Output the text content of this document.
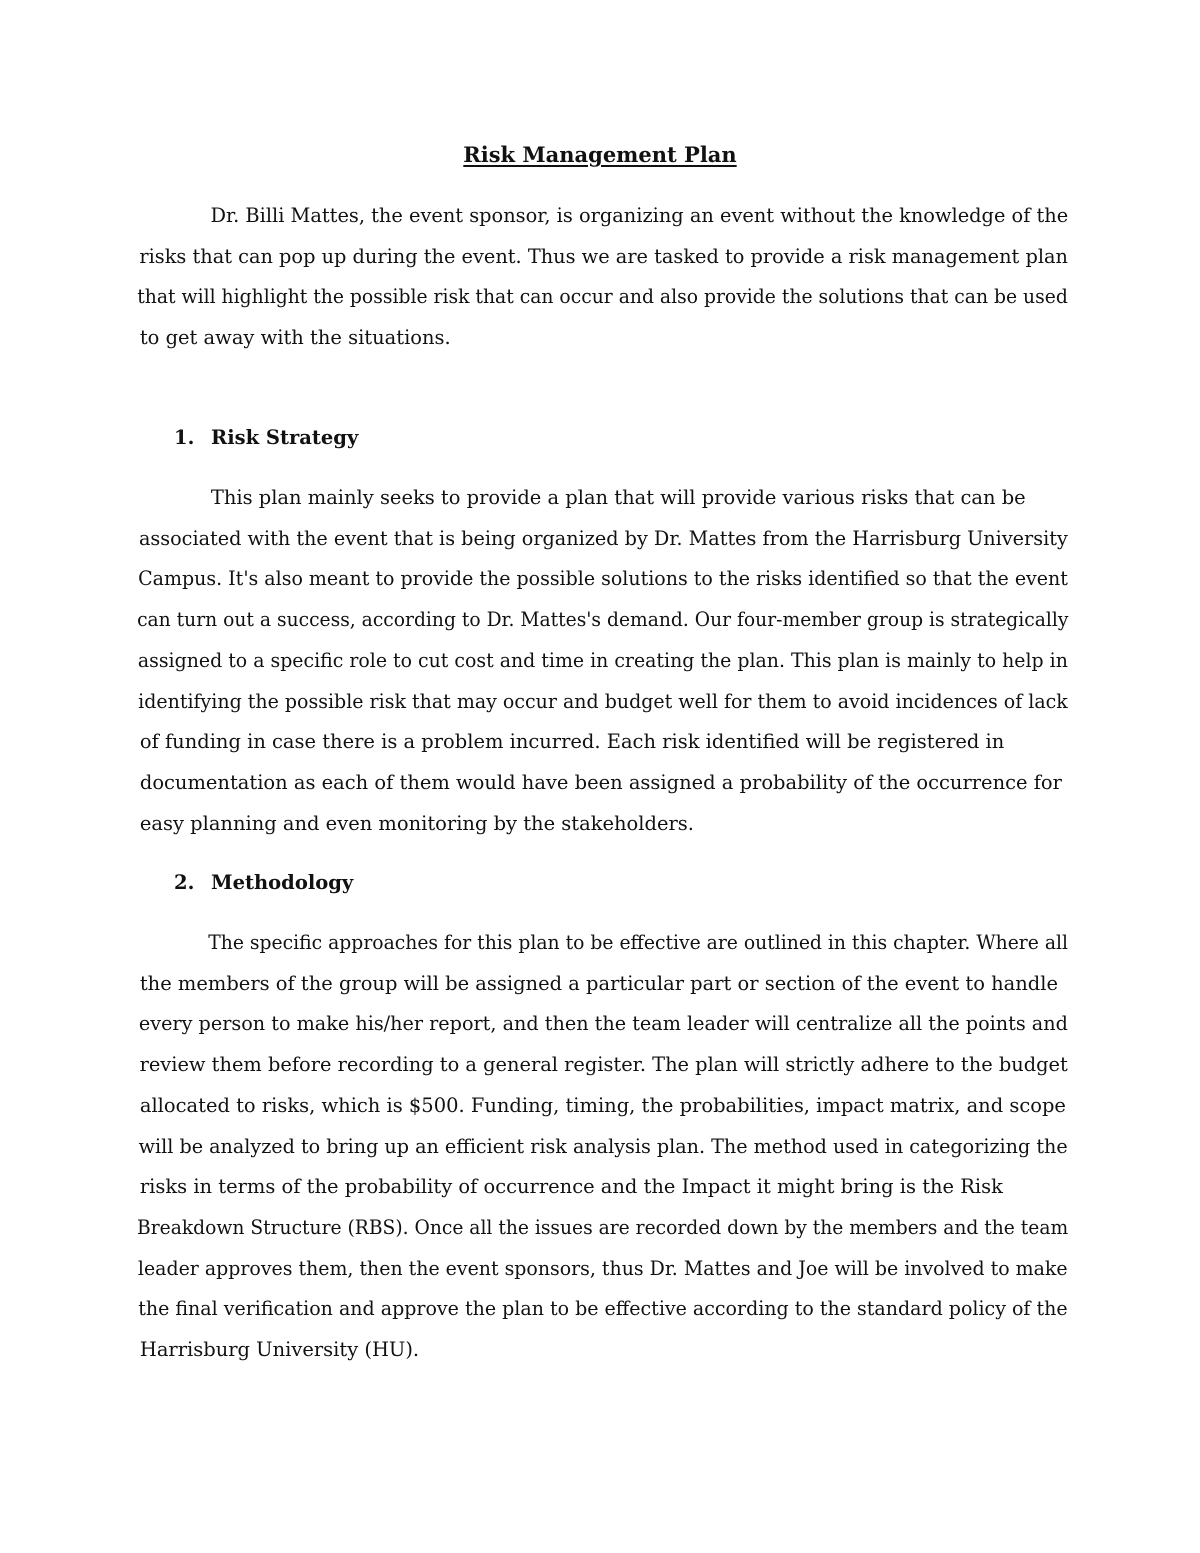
Risk Management Plan

Dr. Billi Mattes, the event sponsor, is organizing an event without the knowledge of the
risks that can pop up during the event. Thus we are tasked to provide a risk management plan
that will highlight the possible risk that can occur and also provide the solutions that can be used
to get away with the situations.

1. Risk Strategy

This plan mainly seeks to provide a plan that will provide various risks that can be
associated with the event that is being organized by Dr. Mattes from the Harrisburg University
Campus. It's also meant to provide the possible solutions to the risks identified so that the event
can turn out a success, according to Dr. Mattes's demand. Our four-member group is strategically
assigned to a specific role to cut cost and time in creating the plan. This plan is mainly to help in
identifying the possible risk that may occur and budget well for them to avoid incidences of lack
of funding in case there is a problem incurred. Each risk identified will be registered in
documentation as each of them would have been assigned a probability of the occurrence for
easy planning and even monitoring by the stakeholders.

2. Methodology

The specific approaches for this plan to be effective are outlined in this chapter. Where all
the members of the group will be assigned a particular part or section of the event to handle
every person to make his/her report, and then the team leader will centralize all the points and
review them before recording to a general register. The plan will strictly adhere to the budget
allocated to risks, which is $500. Funding, timing, the probabilities, impact matrix, and scope
will be analyzed to bring up an efficient risk analysis plan. The method used in categorizing the
risks in terms of the probability of occurrence and the Impact it might bring is the Risk
Breakdown Structure (RBS). Once all the issues are recorded down by the members and the team
leader approves them, then the event sponsors, thus Dr. Mattes and Joe will be involved to make
the final verification and approve the plan to be effective according to the standard policy of the
Harrisburg University (HU).
